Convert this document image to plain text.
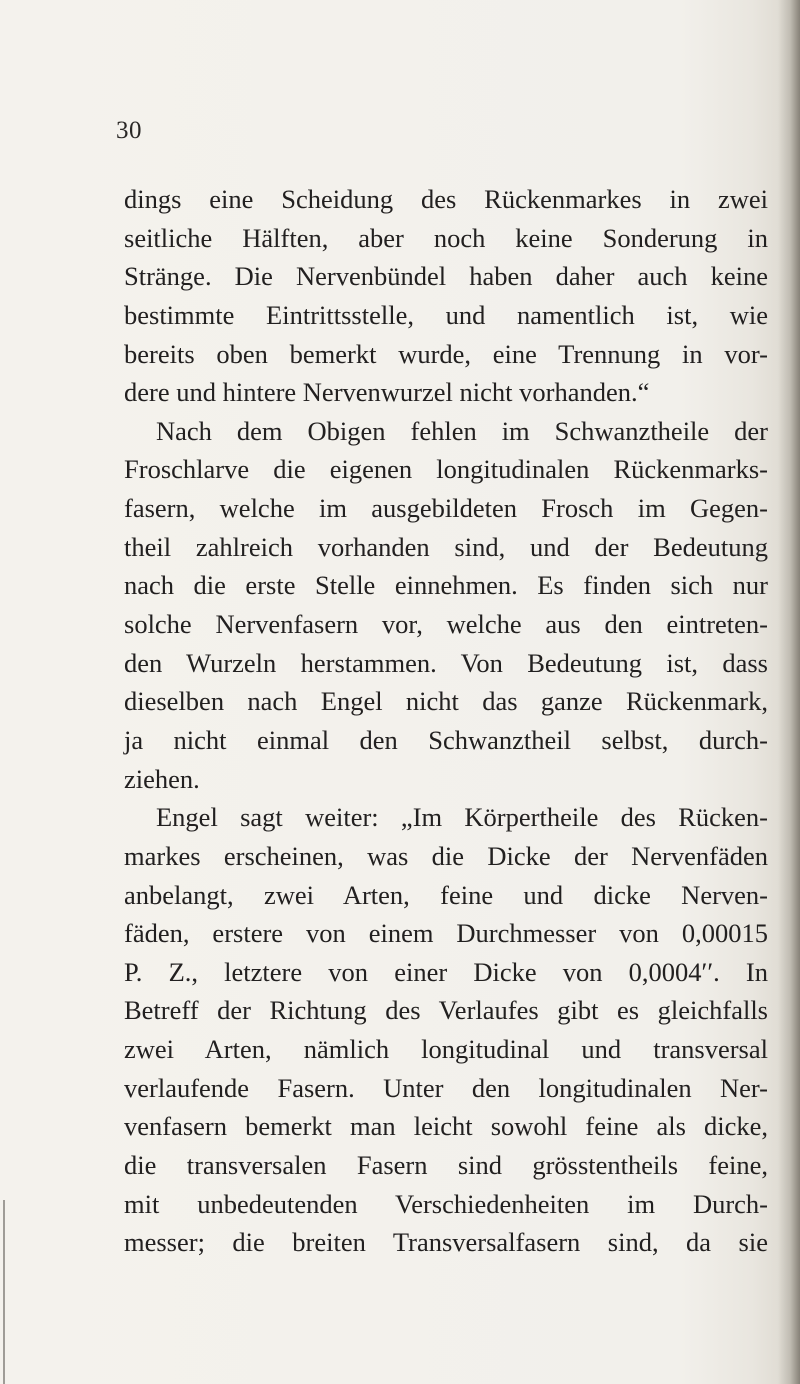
30
dings eine Scheidung des Rückenmarkes in zwei
seitliche Hälften, aber noch keine Sonderung in
Stränge. Die Nervenbündel haben daher auch keine
bestimmte Eintrittsstelle, und namentlich ist, wie
bereits oben bemerkt wurde, eine Trennung in vor-
dere und hintere Nervenwurzel nicht vorhanden.“
Nach dem Obigen fehlen im Schwanztheile der
Froschlarve die eigenen longitudinalen Rückenmarks-
fasern, welche im ausgebildeten Frosch im Gegen-
theil zahlreich vorhanden sind, und der Bedeutung
nach die erste Stelle einnehmen. Es finden sich nur
solche Nervenfasern vor, welche aus den eintreten-
den Wurzeln herstammen. Von Bedeutung ist, dass
dieselben nach Engel nicht das ganze Rückenmark,
ja nicht einmal den Schwanztheil selbst, durch-
ziehen.
Engel sagt weiter: „Im Körpertheile des Rücken-
markes erscheinen, was die Dicke der Nervenfäden
anbelangt, zwei Arten, feine und dicke Nerven-
fäden, erstere von einem Durchmesser von 0,00015
P. Z., letztere von einer Dicke von 0,0004′′. In
Betreff der Richtung des Verlaufes gibt es gleichfalls
zwei Arten, nämlich longitudinal und transversal
verlaufende Fasern. Unter den longitudinalen Ner-
venfasern bemerkt man leicht sowohl feine als dicke,
die transversalen Fasern sind grösstentheils feine,
mit unbedeutenden Verschiedenheiten im Durch-
messer; die breiten Transversalfasern sind, da sie
